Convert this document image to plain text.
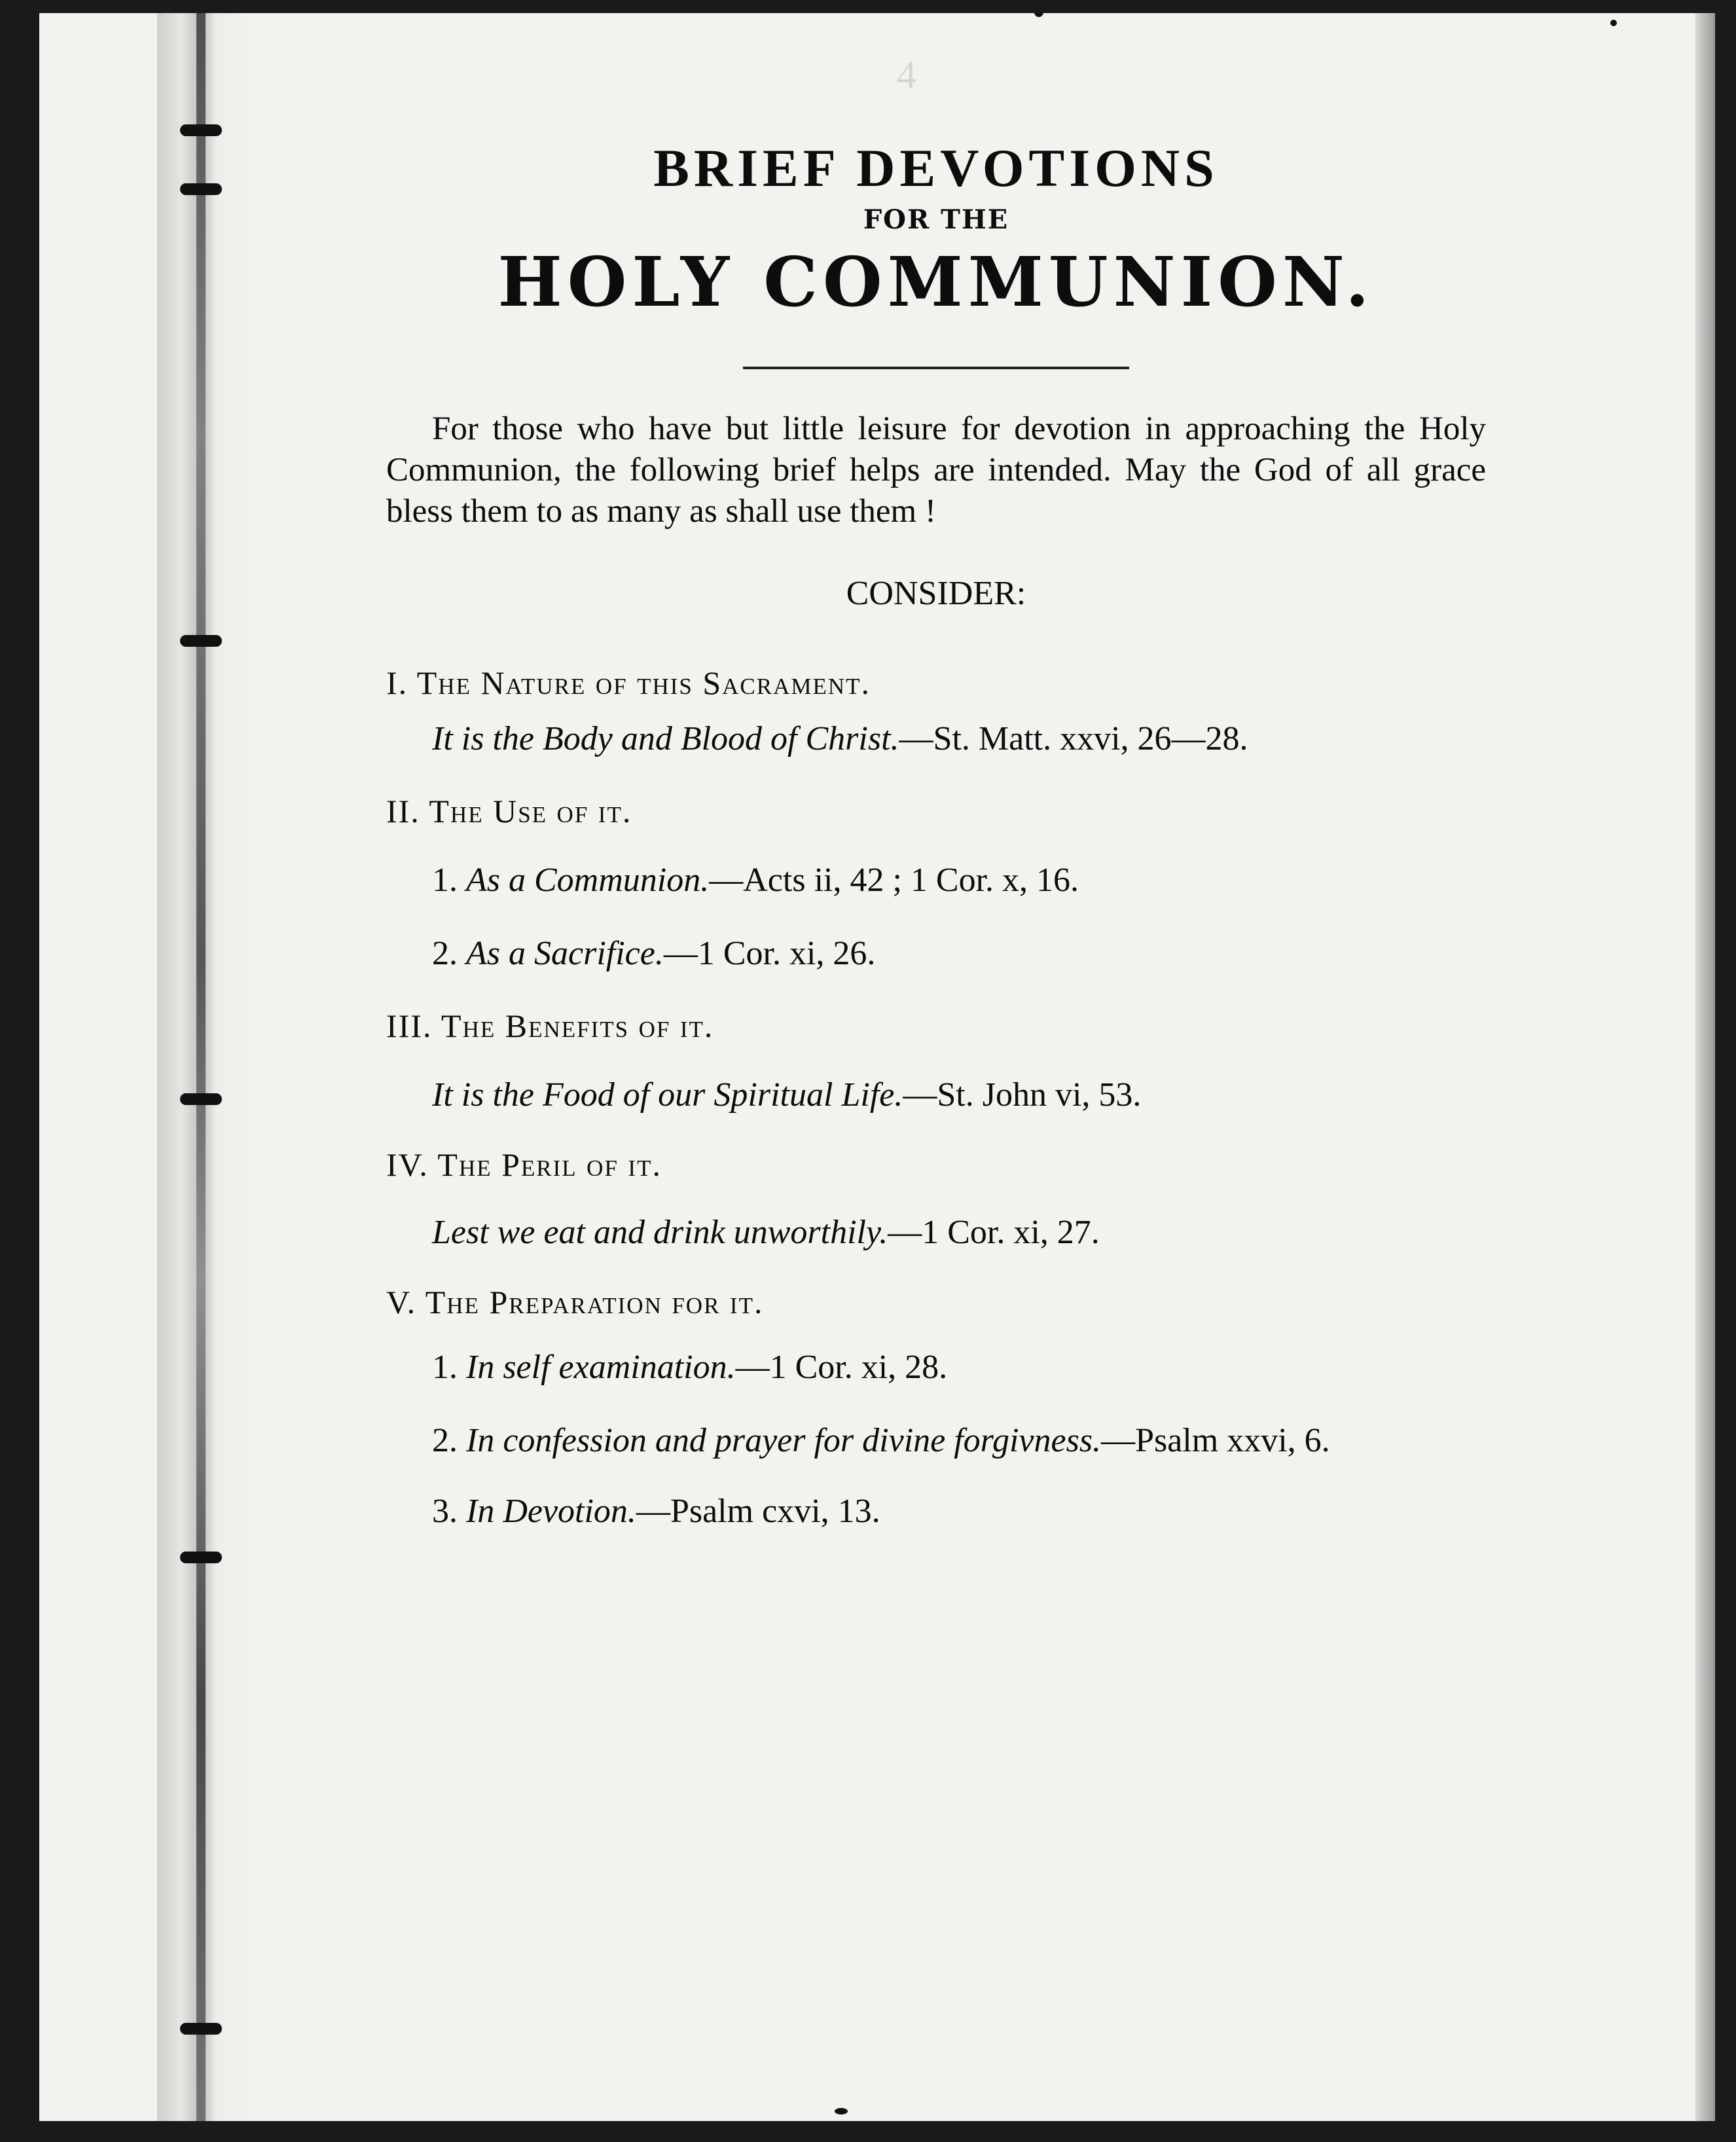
4

BRIEF DEVOTIONS

FOR THE

HOLY COMMUNION.

For those who have but little leisure for devotion in approaching the Holy Communion, the following brief helps are intended. May the God of all grace bless them to as many as shall use them !

CONSIDER:

I. The Nature of this Sacrament.

It is the Body and Blood of Christ.—St. Matt. xxvi, 26—28.

II. The Use of it.

1. As a Communion.—Acts ii, 42 ; 1 Cor. x, 16.

2. As a Sacrifice.—1 Cor. xi, 26.

III. The Benefits of it.

It is the Food of our Spiritual Life.—St. John vi, 53.

IV. The Peril of it.

Lest we eat and drink unworthily.—1 Cor. xi, 27.

V. The Preparation for it.

1. In self examination.—1 Cor. xi, 28.

2. In confession and prayer for divine forgivness.—Psalm xxvi, 6.

3. In Devotion.—Psalm cxvi, 13.
